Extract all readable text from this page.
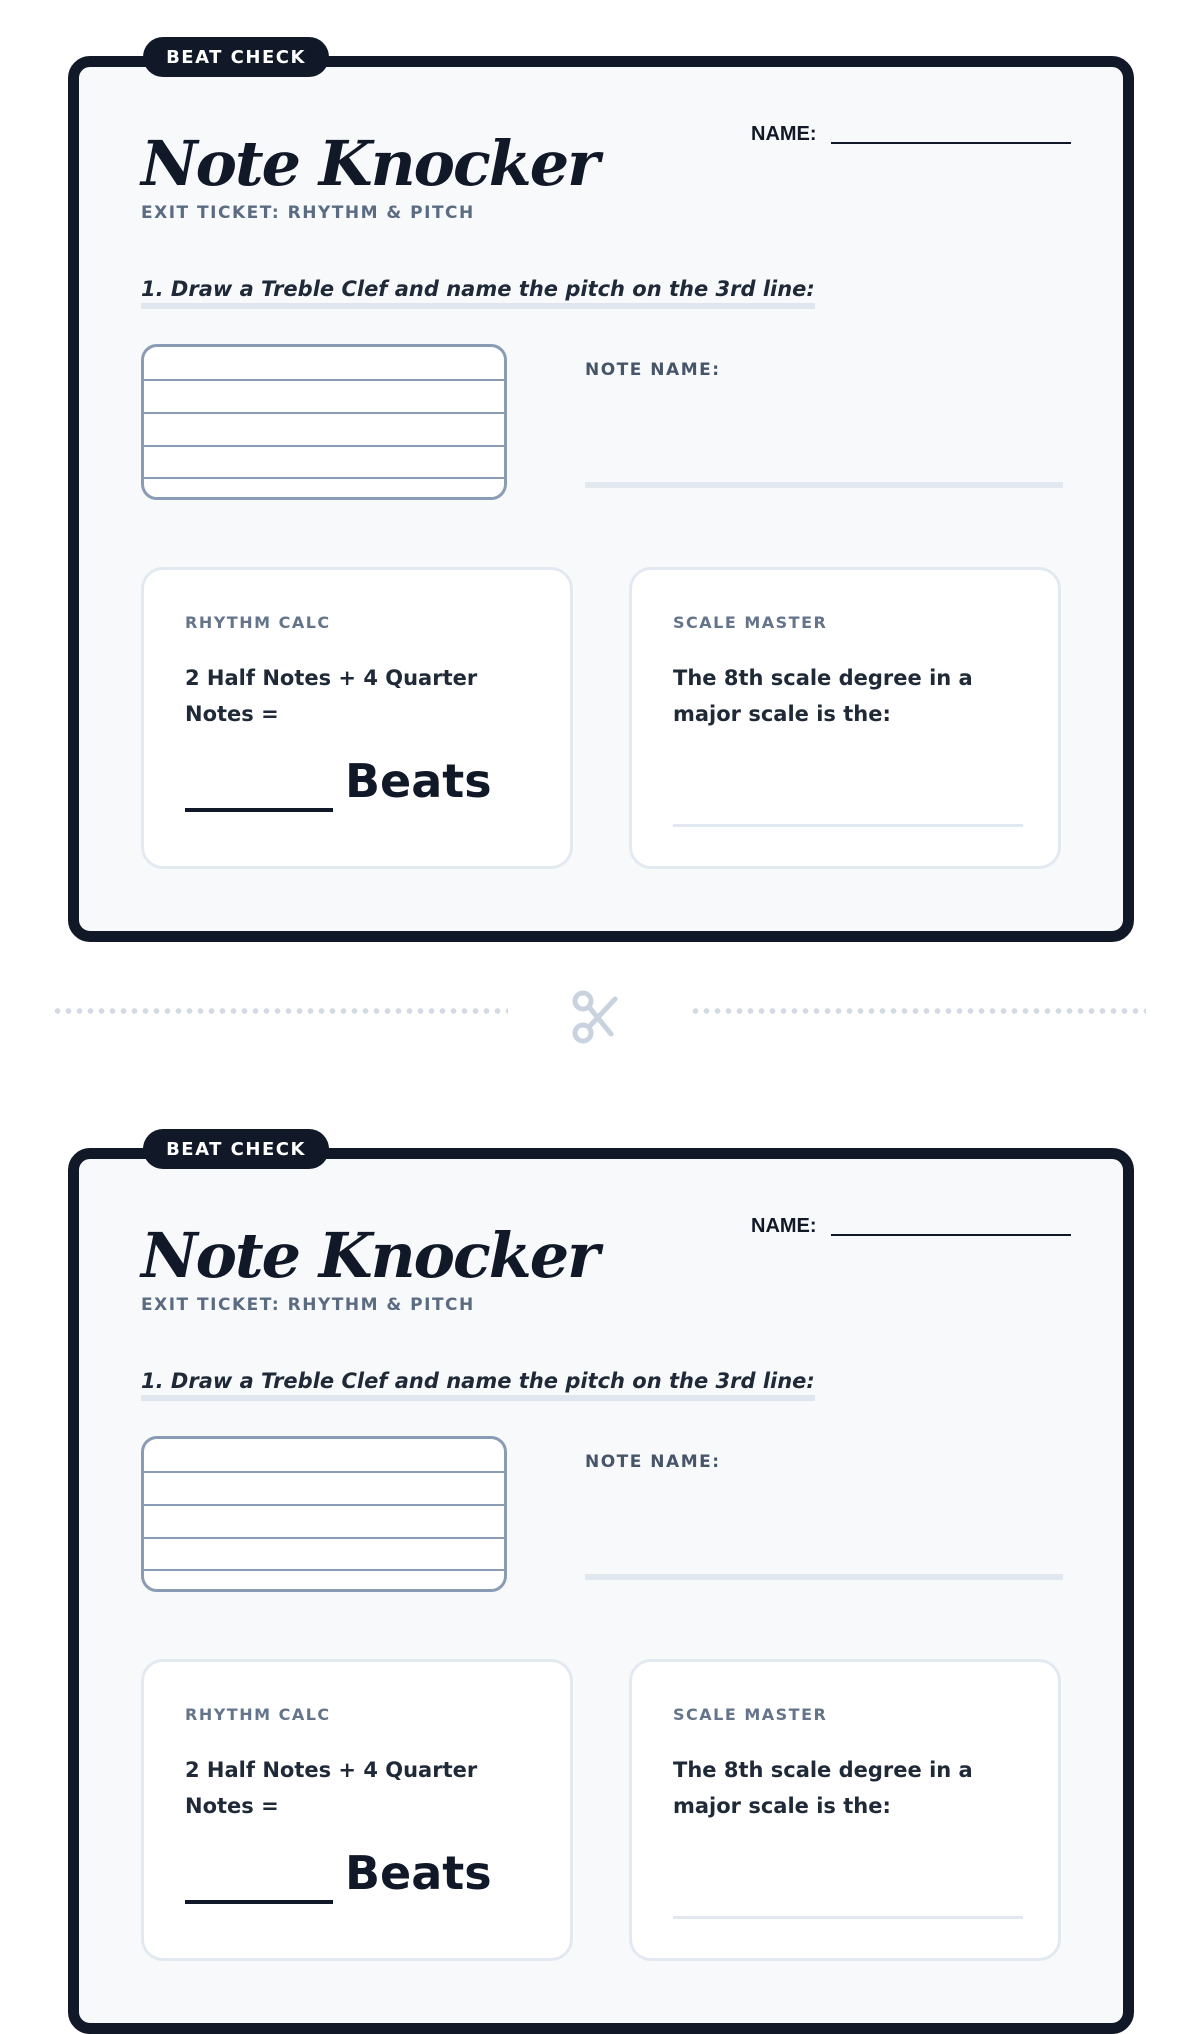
BEAT CHECK
Note Knocker
EXIT TICKET: RHYTHM & PITCH
NAME:
1. Draw a Treble Clef and name the pitch on the 3rd line:
NOTE NAME:
RHYTHM CALC
2 Half Notes + 4 Quarter Notes =
Beats
SCALE MASTER
The 8th scale degree in a major scale is the:
BEAT CHECK
Note Knocker
EXIT TICKET: RHYTHM & PITCH
NAME:
1. Draw a Treble Clef and name the pitch on the 3rd line:
NOTE NAME:
RHYTHM CALC
2 Half Notes + 4 Quarter Notes =
Beats
SCALE MASTER
The 8th scale degree in a major scale is the:
